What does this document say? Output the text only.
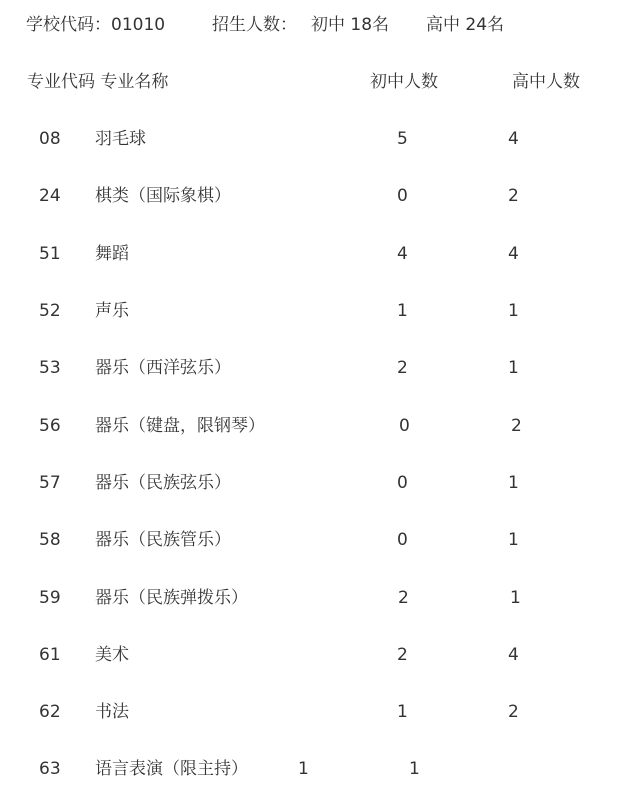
学校代码：01010	招生人数： 初中 18名 高中 24名
专业代码 专业名称	初中人数	高中人数
08 羽毛球	5	4
24 棋类（国际象棋）	0	2
51 舞蹈	4	4
52 声乐	1	1
53 器乐（西洋弦乐）	2	1
56 器乐（键盘，限钢琴）	0	2
57 器乐（民族弦乐）	0	1
58 器乐（民族管乐）	0	1
59 器乐（民族弹拨乐）	2	1
61 美术	2	4
62 书法	1	2
63 语言表演（限主持）	1	1
